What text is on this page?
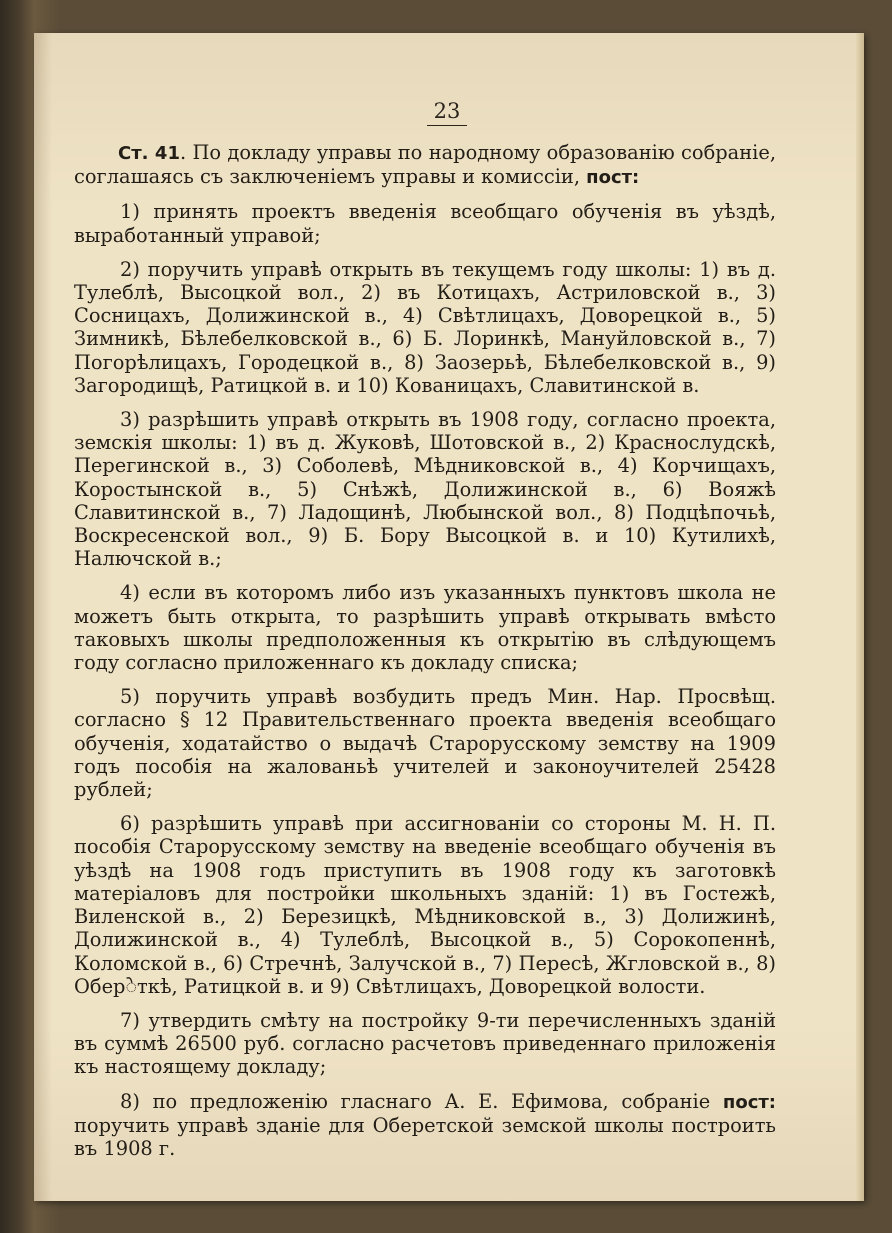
23

Ст. 41. По докладу управы по народному образованію собраніе, соглашаясь съ заключеніемъ управы и комиссіи, пост:

1) принять проектъ введенія всеобщаго обученія въ уѣздѣ, выработанный управой;

2) поручить управѣ открыть въ текущемъ году школы: 1) въ д. Тулеблѣ, Высоцкой вол., 2) въ Котицахъ, Астриловской в., 3) Сосницахъ, Долижинской в., 4) Свѣтлицахъ, Доворецкой в., 5) Зимникѣ, Бѣлебелковской в., 6) Б. Лоринкѣ, Мануйловской в., 7) Погорѣлицахъ, Городецкой в., 8) Заозерьѣ, Бѣлебелковской в., 9) Загородищѣ, Ратицкой в. и 10) Кованицахъ, Славитинской в.

3) разрѣшить управѣ открыть въ 1908 году, согласно проекта, земскія школы: 1) въ д. Жуковѣ, Шотовской в., 2) Краснослудскѣ, Перегинской в., 3) Соболевѣ, Мѣдниковской в., 4) Корчищахъ, Коростынской в., 5) Снѣжѣ, Долижинской в., 6) Вояжѣ Славитинской в., 7) Ладощинѣ, Любынской вол., 8) Подцѣпочьѣ, Воскресенской вол., 9) Б. Бору Высоцкой в. и 10) Кутилихѣ, Налючской в.;

4) если въ которомъ либо изъ указанныхъ пунктовъ школа не можетъ быть открыта, то разрѣшить управѣ открывать вмѣсто таковыхъ школы предположенныя къ открытію въ слѣдующемъ году согласно приложеннаго къ докладу списка;

5) поручить управѣ возбудить предъ Мин. Нар. Просвѣщ. согласно § 12 Правительственнаго проекта введенія всеобщаго обученія, ходатайство о выдачѣ Старорусскому земству на 1909 годъ пособія на жалованьѣ учителей и законоучителей 25428 рублей;

6) разрѣшить управѣ при ассигнованіи со стороны М. Н. П. пособія Старорусскому земству на введеніе всеобщаго обученія въ уѣздѣ на 1908 годъ приступить въ 1908 году къ заготовкѣ матеріаловъ для постройки школьныхъ зданій: 1) въ Гостежѣ, Виленской в., 2) Березицкѣ, Мѣдниковской в., 3) Долижинѣ, Долижинской в., 4) Тулеблѣ, Высоцкой в., 5) Сорокопеннѣ, Коломской в., 6) Стречнѣ, Залучской в., 7) Пересѣ, Жгловской в., 8) Оберेткѣ, Ратицкой в. и 9) Свѣтлицахъ, Доворецкой волости.

7) утвердить смѣту на постройку 9-ти перечисленныхъ зданій въ суммѣ 26500 руб. согласно расчетовъ приведеннаго приложенія къ настоящему докладу;

8) по предложенію гласнаго А. Е. Ефимова, собраніе пост: поручить управѣ зданіе для Оберетской земской школы построить въ 1908 г.
